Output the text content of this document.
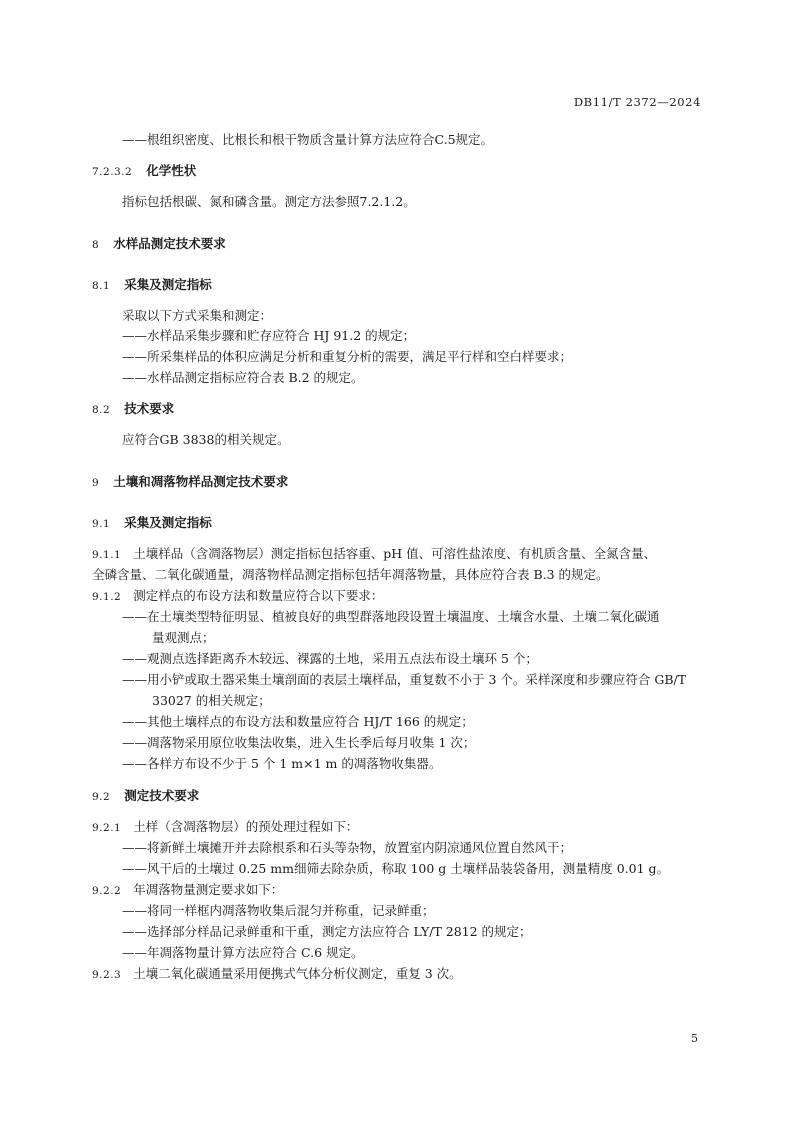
DB11/T 2372—2024
——根组织密度、比根长和根干物质含量计算方法应符合C.5规定。
7.2.3.2 化学性状
指标包括根碳、氮和磷含量。测定方法参照7.2.1.2。
8 水样品测定技术要求
8.1 采集及测定指标
采取以下方式采集和测定：
——水样品采集步骤和贮存应符合 HJ 91.2 的规定；
——所采集样品的体积应满足分析和重复分析的需要，满足平行样和空白样要求；
——水样品测定指标应符合表 B.2 的规定。
8.2 技术要求
应符合GB 3838的相关规定。
9 土壤和凋落物样品测定技术要求
9.1 采集及测定指标
9.1.1 土壤样品（含凋落物层）测定指标包括容重、pH 值、可溶性盐浓度、有机质含量、全氮含量、
全磷含量、二氧化碳通量，凋落物样品测定指标包括年凋落物量，具体应符合表 B.3 的规定。
9.1.2 测定样点的布设方法和数量应符合以下要求：
——在土壤类型特征明显、植被良好的典型群落地段设置土壤温度、土壤含水量、土壤二氧化碳通
量观测点；
——观测点选择距离乔木较远、裸露的土地，采用五点法布设土壤环 5 个；
——用小铲或取土器采集土壤剖面的表层土壤样品，重复数不小于 3 个。采样深度和步骤应符合 GB/T
33027 的相关规定；
——其他土壤样点的布设方法和数量应符合 HJ/T 166 的规定；
——凋落物采用原位收集法收集，进入生长季后每月收集 1 次；
——各样方布设不少于 5 个 1 m×1 m 的凋落物收集器。
9.2 测定技术要求
9.2.1 土样（含凋落物层）的预处理过程如下：
——将新鲜土壤摊开并去除根系和石头等杂物，放置室内阴凉通风位置自然风干；
——风干后的土壤过 0.25 mm细筛去除杂质，称取 100 g 土壤样品装袋备用，测量精度 0.01 g。
9.2.2 年凋落物量测定要求如下：
——将同一样框内凋落物收集后混匀并称重，记录鲜重；
——选择部分样品记录鲜重和干重，测定方法应符合 LY/T 2812 的规定；
——年凋落物量计算方法应符合 C.6 规定。
9.2.3 土壤二氧化碳通量采用便携式气体分析仪测定，重复 3 次。
5
